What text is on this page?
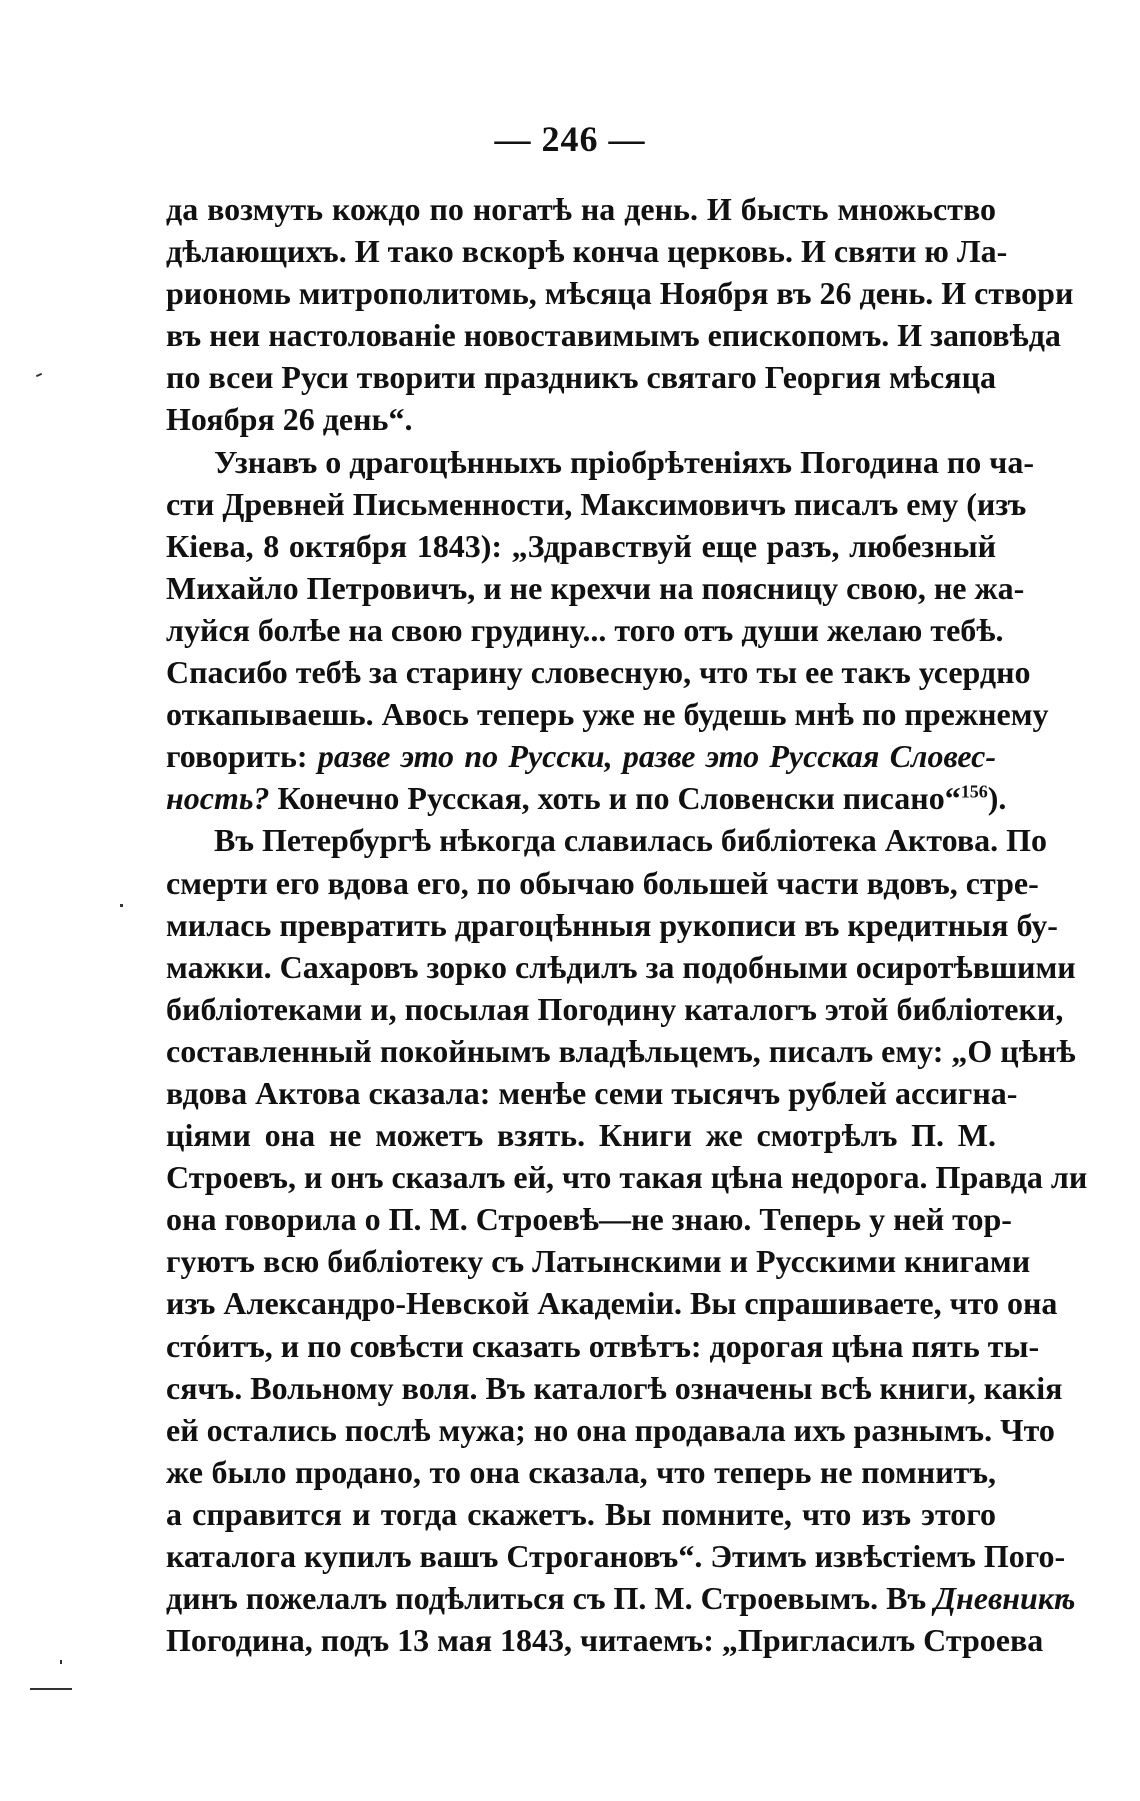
— 246 —
да возмуть кождо по ногатѣ на день. И бысть множьство
дѣлающихъ. И тако вскорѣ конча церковь. И святи ю Ла-
риономь митрополитомь, мѣсяца Ноября въ 26 день. И створи
въ неи настолованіе новоставимымъ епископомъ. И заповѣда
по всеи Руси творити праздникъ святаго Георгия мѣсяца
Ноября 26 день“.
Узнавъ о драгоцѣнныхъ пріобрѣтеніяхъ Погодина по ча-
сти Древней Письменности, Максимовичъ писалъ ему (изъ
Кіева, 8 октября 1843): „Здравствуй еще разъ, любезный
Михайло Петровичъ, и не крехчи на поясницу свою, не жа-
луйся болѣе на свою грудину... того отъ души желаю тебѣ.
Спасибо тебѣ за старину словесную, что ты ее такъ усердно
откапываешь. Авось теперь уже не будешь мнѣ по прежнему
говорить: разве это по Русски, разве это Русская Словес-
ность? Конечно Русская, хоть и по Словенски писано“$^{156}$).
Въ Петербургѣ нѣкогда славилась библіотека Актова. По
смерти его вдова его, по обычаю большей части вдовъ, стре-
милась превратить драгоцѣнныя рукописи въ кредитныя бу-
мажки. Сахаровъ зорко слѣдилъ за подобными осиротѣвшими
библіотеками и, посылая Погодину каталогъ этой библіотеки,
составленный покойнымъ владѣльцемъ, писалъ ему: „О цѣнѣ
вдова Актова сказала: менѣе семи тысячъ рублей ассигна-
ціями она не можетъ взять. Книги же смотрѣлъ П. М.
Строевъ, и онъ сказалъ ей, что такая цѣна недорога. Правда ли
она говорила о П. М. Строевѣ—не знаю. Теперь у ней тор-
гуютъ всю библіотеку съ Латынскими и Русскими книгами
изъ Александро-Невской Академіи. Вы спрашиваете, что она
стóитъ, и по совѣсти сказать отвѣтъ: дорогая цѣна пять ты-
сячъ. Вольному воля. Въ каталогѣ означены всѣ книги, какія
ей остались послѣ мужа; но она продавала ихъ разнымъ. Что
же было продано, то она сказала, что теперь не помнитъ,
а справится и тогда скажетъ. Вы помните, что изъ этого
каталога купилъ вашъ Строгановъ“. Этимъ извѣстіемъ Пого-
динъ пожелалъ подѣлиться съ П. М. Строевымъ. Въ Дневникѣ
Погодина, подъ 13 мая 1843, читаемъ: „Пригласилъ Строева
